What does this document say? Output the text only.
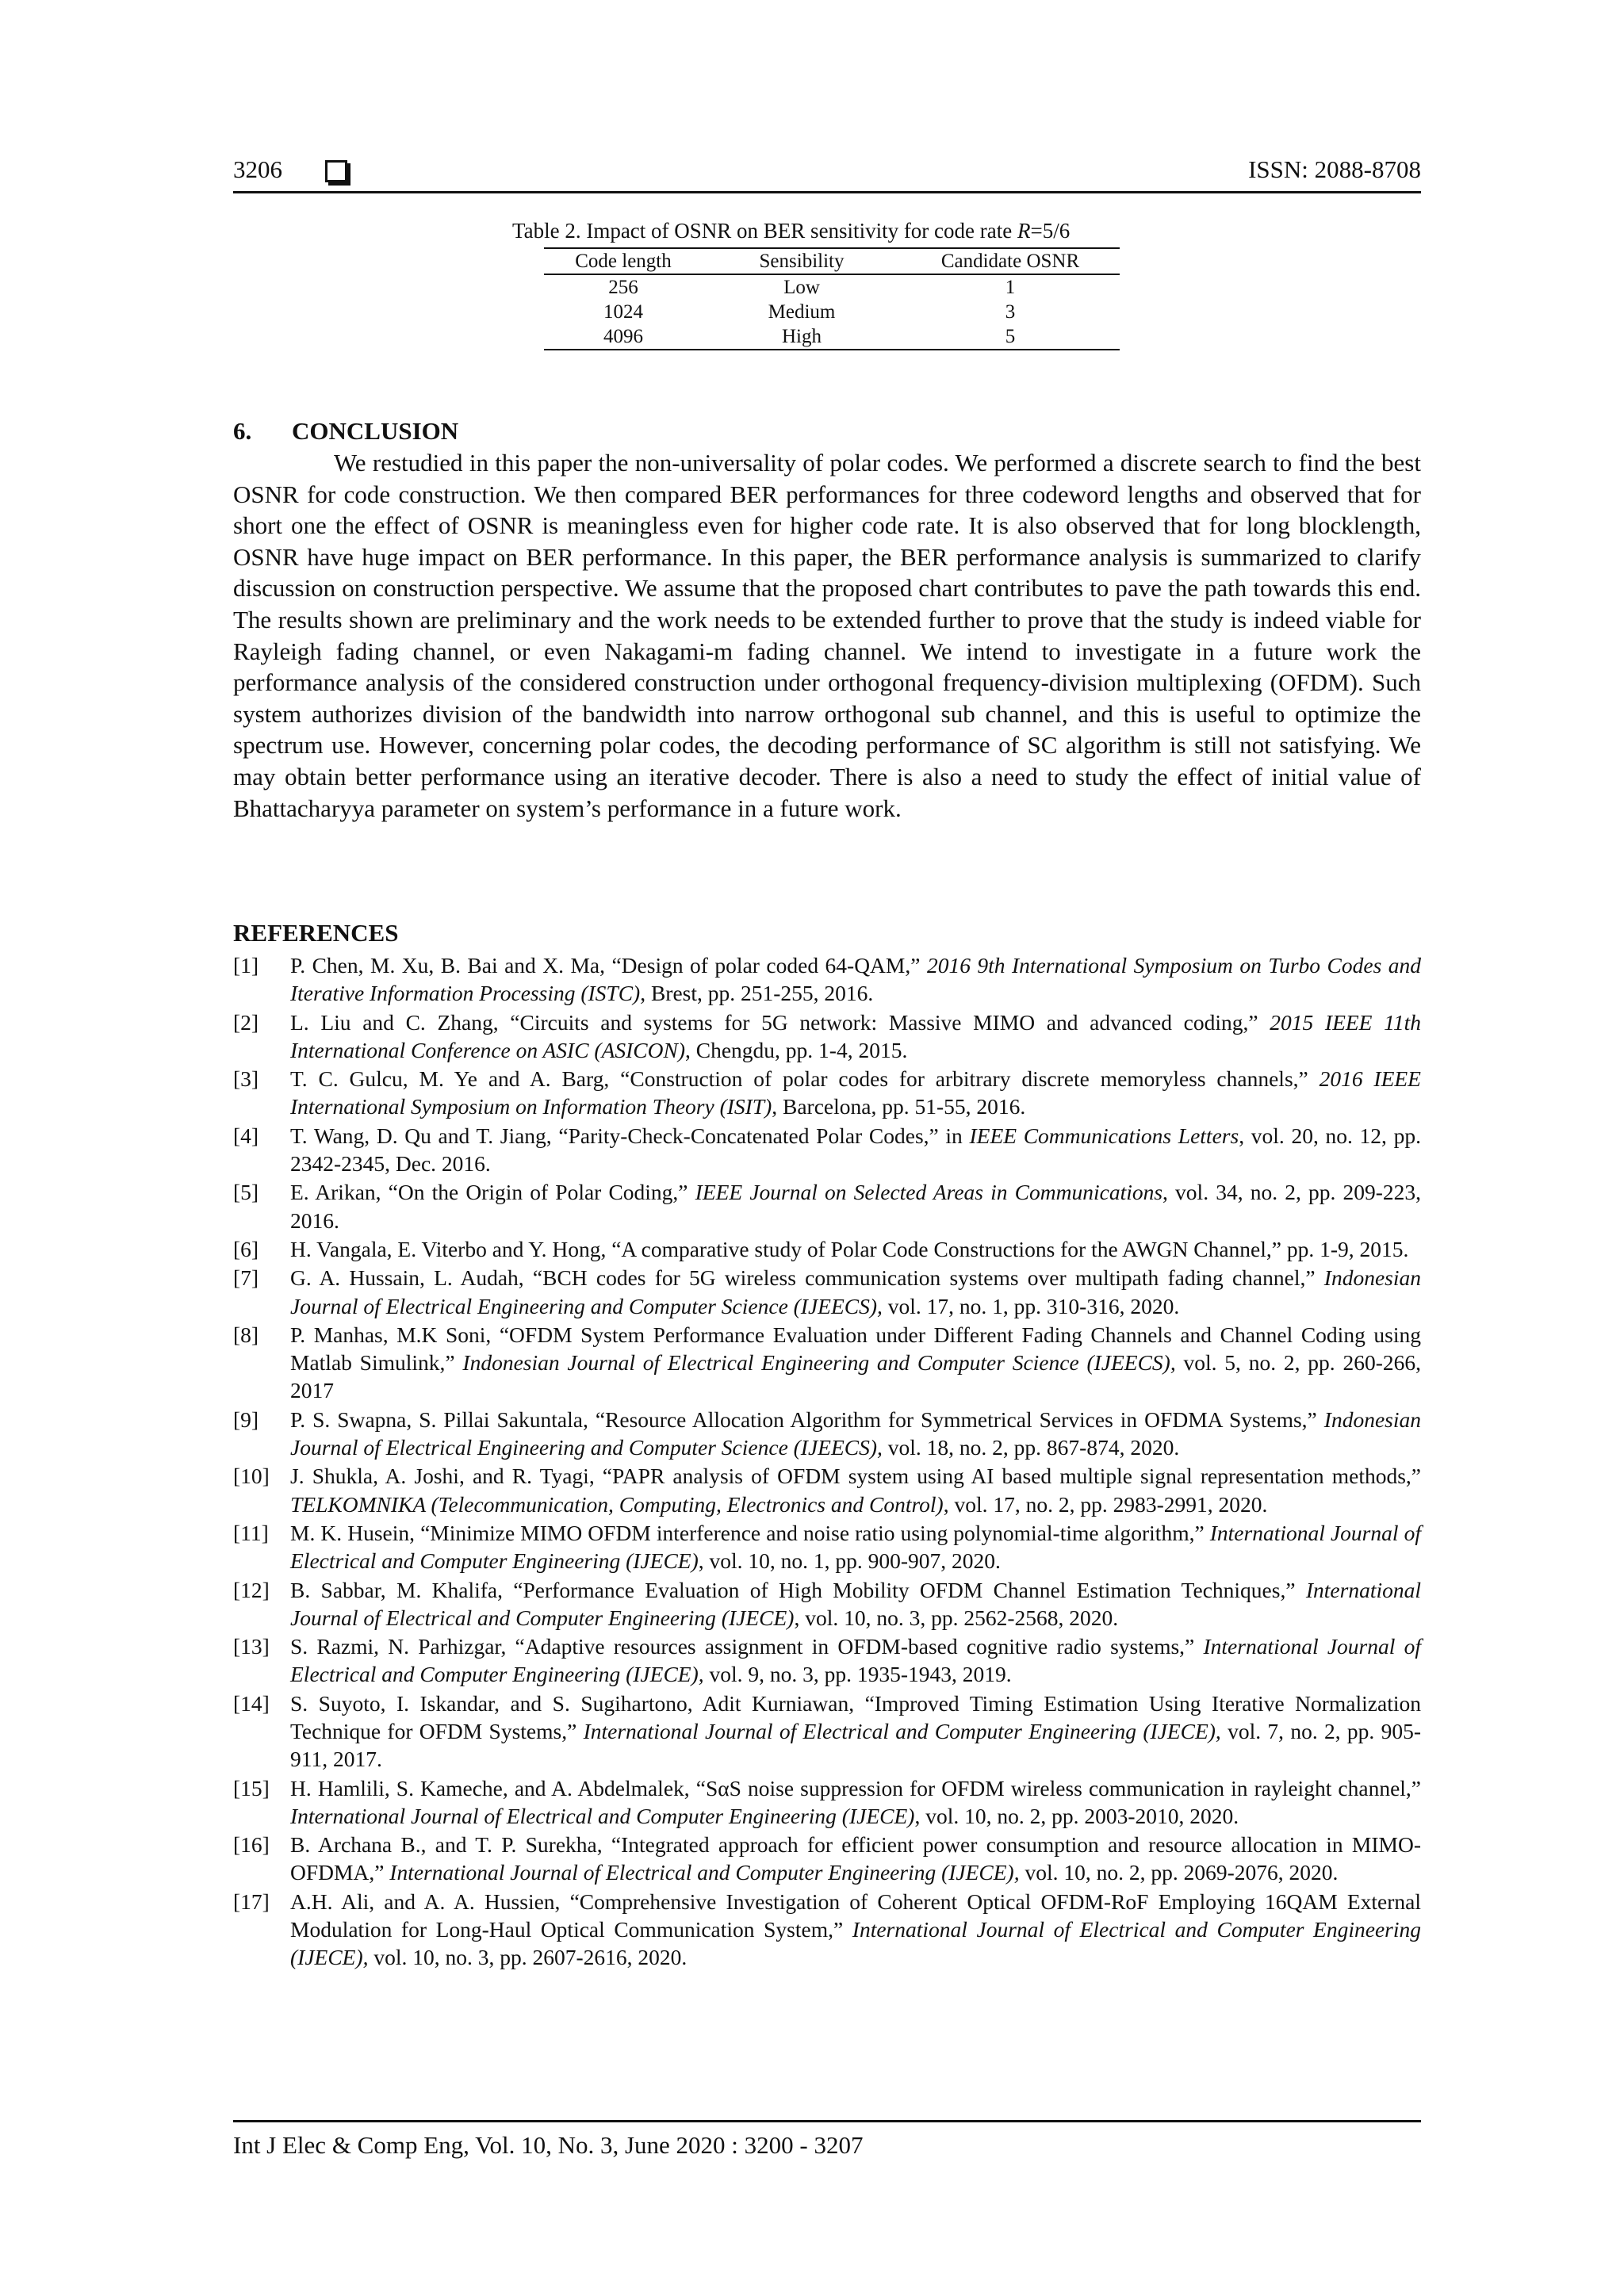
3206	ISSN: 2088-8708
Table 2. Impact of OSNR on BER sensitivity for code rate R=5/6
Code length	Sensibility	Candidate OSNR
256	Low	1
1024	Medium	3
4096	High	5
6. CONCLUSION

We restudied in this paper the non-universality of polar codes. We performed a discrete search to find the best OSNR for code construction. We then compared BER performances for three codeword lengths and observed that for short one the effect of OSNR is meaningless even for higher code rate. It is also observed that for long blocklength, OSNR have huge impact on BER performance. In this paper, the BER performance analysis is summarized to clarify discussion on construction perspective. We assume that the proposed chart contributes to pave the path towards this end. The results shown are preliminary and the work needs to be extended further to prove that the study is indeed viable for Rayleigh fading channel, or even Nakagami-m fading channel. We intend to investigate in a future work the performance analysis of the considered construction under orthogonal frequency-division multiplexing (OFDM). Such system authorizes division of the bandwidth into narrow orthogonal sub channel, and this is useful to optimize the spectrum use. However, concerning polar codes, the decoding performance of SC algorithm is still not satisfying. We may obtain better performance using an iterative decoder. There is also a need to study the effect of initial value of Bhattacharyya parameter on system’s performance in a future work.

REFERENCES
[1] P. Chen, M. Xu, B. Bai and X. Ma, “Design of polar coded 64-QAM,” 2016 9th International Symposium on Turbo Codes and Iterative Information Processing (ISTC), Brest, pp. 251-255, 2016.
[2] L. Liu and C. Zhang, “Circuits and systems for 5G network: Massive MIMO and advanced coding,” 2015 IEEE 11th International Conference on ASIC (ASICON), Chengdu, pp. 1-4, 2015.
[3] T. C. Gulcu, M. Ye and A. Barg, “Construction of polar codes for arbitrary discrete memoryless channels,” 2016 IEEE International Symposium on Information Theory (ISIT), Barcelona, pp. 51-55, 2016.
[4] T. Wang, D. Qu and T. Jiang, “Parity-Check-Concatenated Polar Codes,” in IEEE Communications Letters, vol. 20, no. 12, pp. 2342-2345, Dec. 2016.
[5] E. Arikan, “On the Origin of Polar Coding,” IEEE Journal on Selected Areas in Communications, vol. 34, no. 2, pp. 209-223, 2016.
[6] H. Vangala, E. Viterbo and Y. Hong, “A comparative study of Polar Code Constructions for the AWGN Channel,” pp. 1-9, 2015.
[7] G. A. Hussain, L. Audah, “BCH codes for 5G wireless communication systems over multipath fading channel,” Indonesian Journal of Electrical Engineering and Computer Science (IJEECS), vol. 17, no. 1, pp. 310-316, 2020.
[8] P. Manhas, M.K Soni, “OFDM System Performance Evaluation under Different Fading Channels and Channel Coding using Matlab Simulink,” Indonesian Journal of Electrical Engineering and Computer Science (IJEECS), vol. 5, no. 2, pp. 260-266, 2017
[9] P. S. Swapna, S. Pillai Sakuntala, “Resource Allocation Algorithm for Symmetrical Services in OFDMA Systems,” Indonesian Journal of Electrical Engineering and Computer Science (IJEECS), vol. 18, no. 2, pp. 867-874, 2020.
[10] J. Shukla, A. Joshi, and R. Tyagi, “PAPR analysis of OFDM system using AI based multiple signal representation methods,” TELKOMNIKA (Telecommunication, Computing, Electronics and Control), vol. 17, no. 2, pp. 2983-2991, 2020.
[11] M. K. Husein, “Minimize MIMO OFDM interference and noise ratio using polynomial-time algorithm,” International Journal of Electrical and Computer Engineering (IJECE), vol. 10, no. 1, pp. 900-907, 2020.
[12] B. Sabbar, M. Khalifa, “Performance Evaluation of High Mobility OFDM Channel Estimation Techniques,” International Journal of Electrical and Computer Engineering (IJECE), vol. 10, no. 3, pp. 2562-2568, 2020.
[13] S. Razmi, N. Parhizgar, “Adaptive resources assignment in OFDM-based cognitive radio systems,” International Journal of Electrical and Computer Engineering (IJECE), vol. 9, no. 3, pp. 1935-1943, 2019.
[14] S. Suyoto, I. Iskandar, and S. Sugihartono, Adit Kurniawan, “Improved Timing Estimation Using Iterative Normalization Technique for OFDM Systems,” International Journal of Electrical and Computer Engineering (IJECE), vol. 7, no. 2, pp. 905-911, 2017.
[15] H. Hamlili, S. Kameche, and A. Abdelmalek, “SαS noise suppression for OFDM wireless communication in rayleight channel,” International Journal of Electrical and Computer Engineering (IJECE), vol. 10, no. 2, pp. 2003-2010, 2020.
[16] B. Archana B., and T. P. Surekha, “Integrated approach for efficient power consumption and resource allocation in MIMO-OFDMA,” International Journal of Electrical and Computer Engineering (IJECE), vol. 10, no. 2, pp. 2069-2076, 2020.
[17] A.H. Ali, and A. A. Hussien, “Comprehensive Investigation of Coherent Optical OFDM-RoF Employing 16QAM External Modulation for Long-Haul Optical Communication System,” International Journal of Electrical and Computer Engineering (IJECE), vol. 10, no. 3, pp. 2607-2616, 2020.
Int J Elec & Comp Eng, Vol. 10, No. 3, June 2020 : 3200 - 3207
